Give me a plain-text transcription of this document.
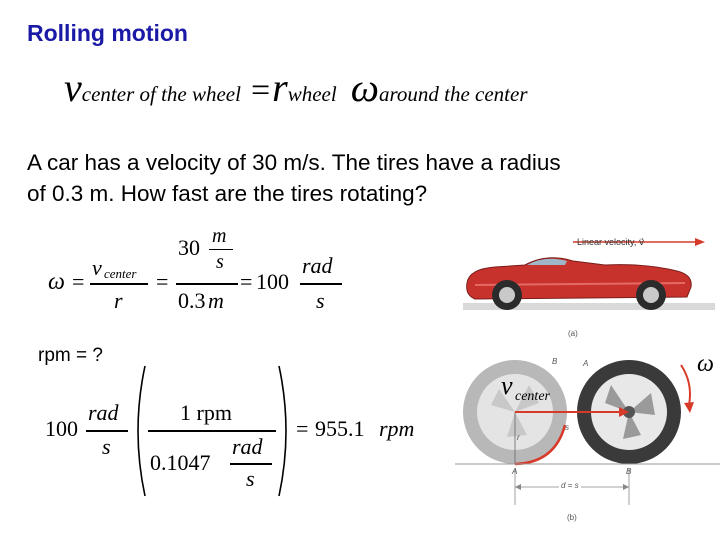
Rolling motion
vcenter of the wheel =rwheel ωaround the center
A car has a velocity of 30 m/s. The tires have a radius
of 0.3 m. How fast are the tires rotating?
ω =
v center
r
=
30 m
s
0.3 m
= 100
rad
s
rpm = ?
100
rad
s
1 rpm
0.1047
rad
s
= 955.1 rpm
Linear velocity, v⃗
(a)
v center
ω
B	A
A	B
r
s
d = s
(b)
